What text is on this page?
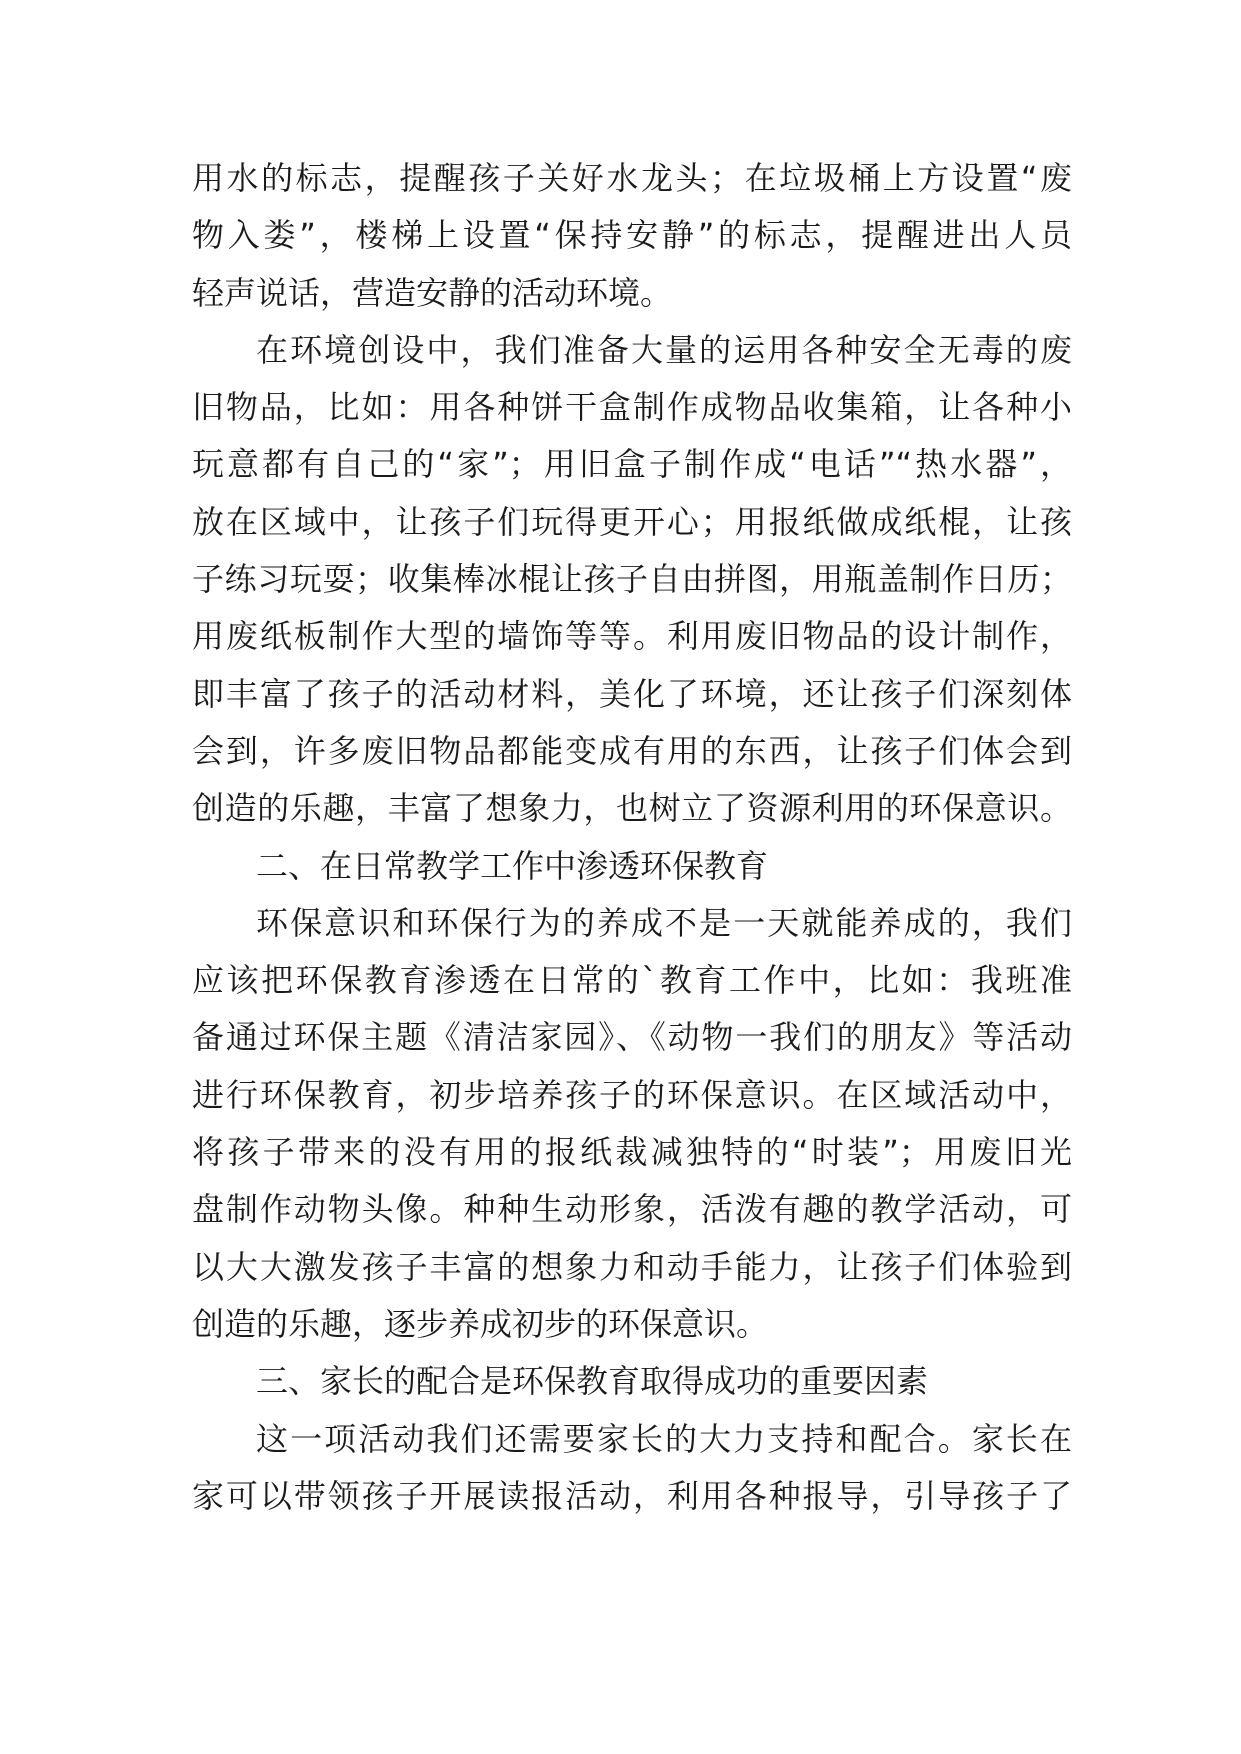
用水的标志，提醒孩子关好水龙头；在垃圾桶上方设置“废
物入娄”，楼梯上设置“保持安静”的标志，提醒进出人员
轻声说话，营造安静的活动环境。
在环境创设中，我们准备大量的运用各种安全无毒的废
旧物品，比如：用各种饼干盒制作成物品收集箱，让各种小
玩意都有自己的“家”；用旧盒子制作成“电话”“热水器”，
放在区域中，让孩子们玩得更开心；用报纸做成纸棍，让孩
子练习玩耍；收集棒冰棍让孩子自由拼图，用瓶盖制作日历；
用废纸板制作大型的墙饰等等。利用废旧物品的设计制作，
即丰富了孩子的活动材料，美化了环境，还让孩子们深刻体
会到，许多废旧物品都能变成有用的东西，让孩子们体会到
创造的乐趣，丰富了想象力，也树立了资源利用的环保意识。
二、在日常教学工作中渗透环保教育
环保意识和环保行为的养成不是一天就能养成的，我们
应该把环保教育渗透在日常的`教育工作中，比如：我班准
备通过环保主题《清洁家园》、《动物一我们的朋友》等活动
进行环保教育，初步培养孩子的环保意识。在区域活动中，
将孩子带来的没有用的报纸裁减独特的“时装”；用废旧光
盘制作动物头像。种种生动形象，活泼有趣的教学活动，可
以大大激发孩子丰富的想象力和动手能力，让孩子们体验到
创造的乐趣，逐步养成初步的环保意识。
三、家长的配合是环保教育取得成功的重要因素
这一项活动我们还需要家长的大力支持和配合。家长在
家可以带领孩子开展读报活动，利用各种报导，引导孩子了
